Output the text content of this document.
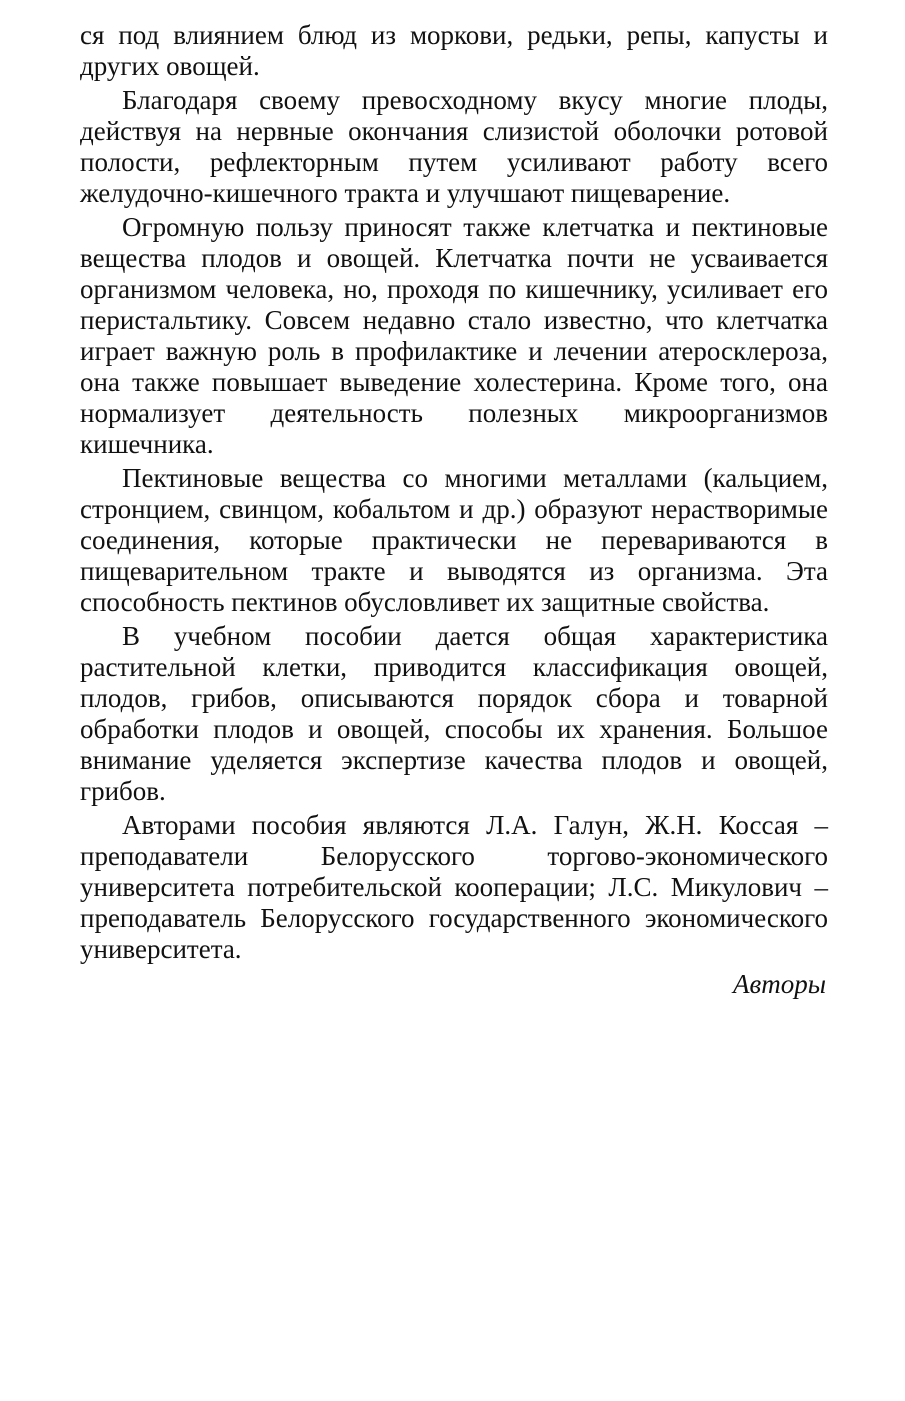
ся под влиянием блюд из моркови, редьки, репы, капусты и других овощей.

Благодаря своему превосходному вкусу многие плоды, действуя на нервные окончания слизистой оболочки ротовой полости, рефлекторным путем усиливают работу всего желудочно-кишечного тракта и улучшают пищеварение.

Огромную пользу приносят также клетчатка и пектиновые вещества плодов и овощей. Клетчатка почти не усваивается организмом человека, но, проходя по кишечнику, усиливает его перистальтику. Совсем недавно стало известно, что клетчатка играет важную роль в профилактике и лечении атеросклероза, она также повышает выведение холестерина. Кроме того, она нормализует деятельность полезных микроорганизмов кишечника.

Пектиновые вещества со многими металлами (кальцием, стронцием, свинцом, кобальтом и др.) образуют нерастворимые соединения, которые практически не перевариваются в пищеварительном тракте и выводятся из организма. Эта способность пектинов обусловливет их защитные свойства.

В учебном пособии дается общая характеристика растительной клетки, приводится классификация овощей, плодов, грибов, описываются порядок сбора и товарной обработки плодов и овощей, способы их хранения. Большое внимание уделяется экспертизе качества плодов и овощей, грибов.

Авторами пособия являются Л.А. Галун, Ж.Н. Коссая – преподаватели Белорусского торгово-экономического университета потребительской кооперации; Л.С. Микулович – преподаватель Белорусского государственного экономического университета.

Авторы
